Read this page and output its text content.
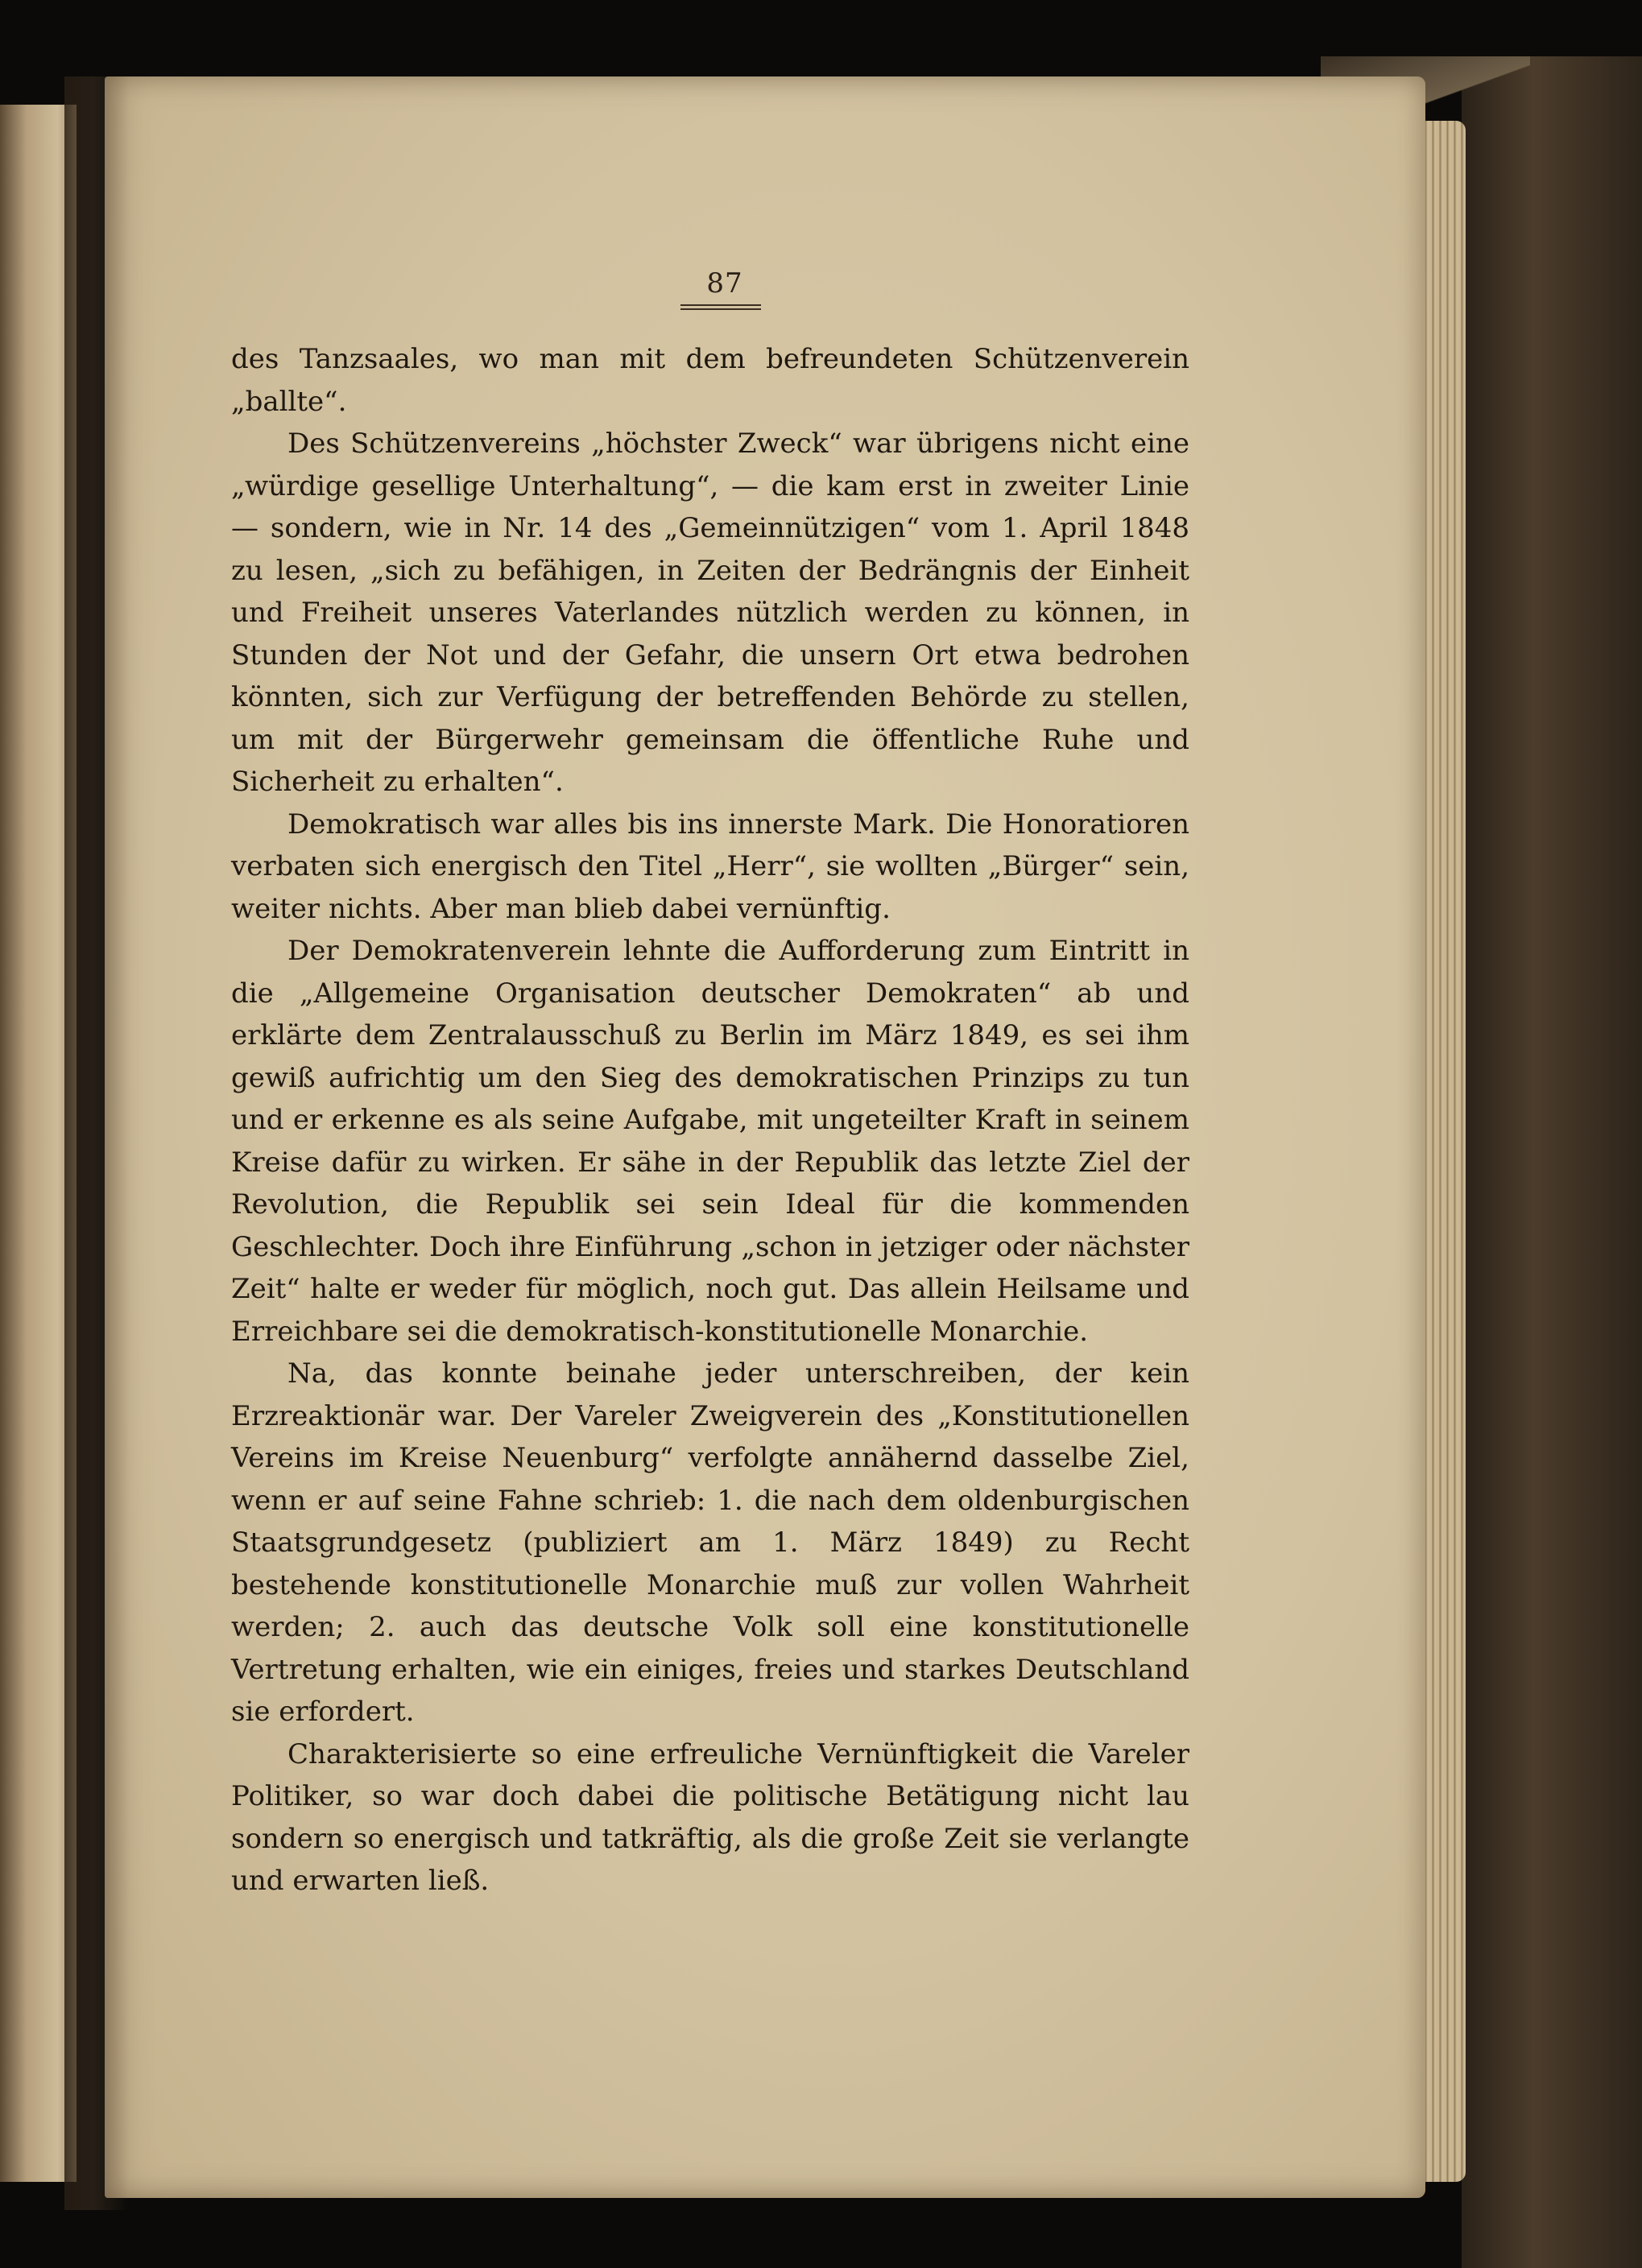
87

des Tanzsaales, wo man mit dem befreundeten Schützenverein „ballte“.

Des Schützenvereins „höchster Zweck“ war übrigens nicht eine „würdige gesellige Unterhaltung“, — die kam erst in zweiter Linie — sondern, wie in Nr. 14 des „Gemeinnützigen“ vom 1. April 1848 zu lesen, „sich zu befähigen, in Zeiten der Bedrängnis der Einheit und Freiheit unseres Vaterlandes nützlich werden zu können, in Stunden der Not und der Gefahr, die unsern Ort etwa bedrohen könnten, sich zur Verfügung der betreffenden Behörde zu stellen, um mit der Bürgerwehr gemeinsam die öffentliche Ruhe und Sicherheit zu erhalten“.

Demokratisch war alles bis ins innerste Mark. Die Honoratioren verbaten sich energisch den Titel „Herr“, sie wollten „Bürger“ sein, weiter nichts. Aber man blieb dabei vernünftig.

Der Demokratenverein lehnte die Aufforderung zum Eintritt in die „Allgemeine Organisation deutscher Demokraten“ ab und erklärte dem Zentralausschuß zu Berlin im März 1849, es sei ihm gewiß aufrichtig um den Sieg des demokratischen Prinzips zu tun und er erkenne es als seine Aufgabe, mit ungeteilter Kraft in seinem Kreise dafür zu wirken. Er sähe in der Republik das letzte Ziel der Revolution, die Republik sei sein Ideal für die kommenden Geschlechter. Doch ihre Einführung „schon in jetziger oder nächster Zeit“ halte er weder für möglich, noch gut. Das allein Heilsame und Erreichbare sei die demokratisch-konstitutionelle Monarchie.

Na, das konnte beinahe jeder unterschreiben, der kein Erzreaktionär war. Der Vareler Zweigverein des „Konstitutionellen Vereins im Kreise Neuenburg“ verfolgte annähernd dasselbe Ziel, wenn er auf seine Fahne schrieb: 1. die nach dem oldenburgischen Staatsgrundgesetz (publiziert am 1. März 1849) zu Recht bestehende konstitutionelle Monarchie muß zur vollen Wahrheit werden; 2. auch das deutsche Volk soll eine konstitutionelle Vertretung erhalten, wie ein einiges, freies und starkes Deutschland sie erfordert.

Charakterisierte so eine erfreuliche Vernünftigkeit die Vareler Politiker, so war doch dabei die politische Betätigung nicht lau sondern so energisch und tatkräftig, als die große Zeit sie verlangte und erwarten ließ.
